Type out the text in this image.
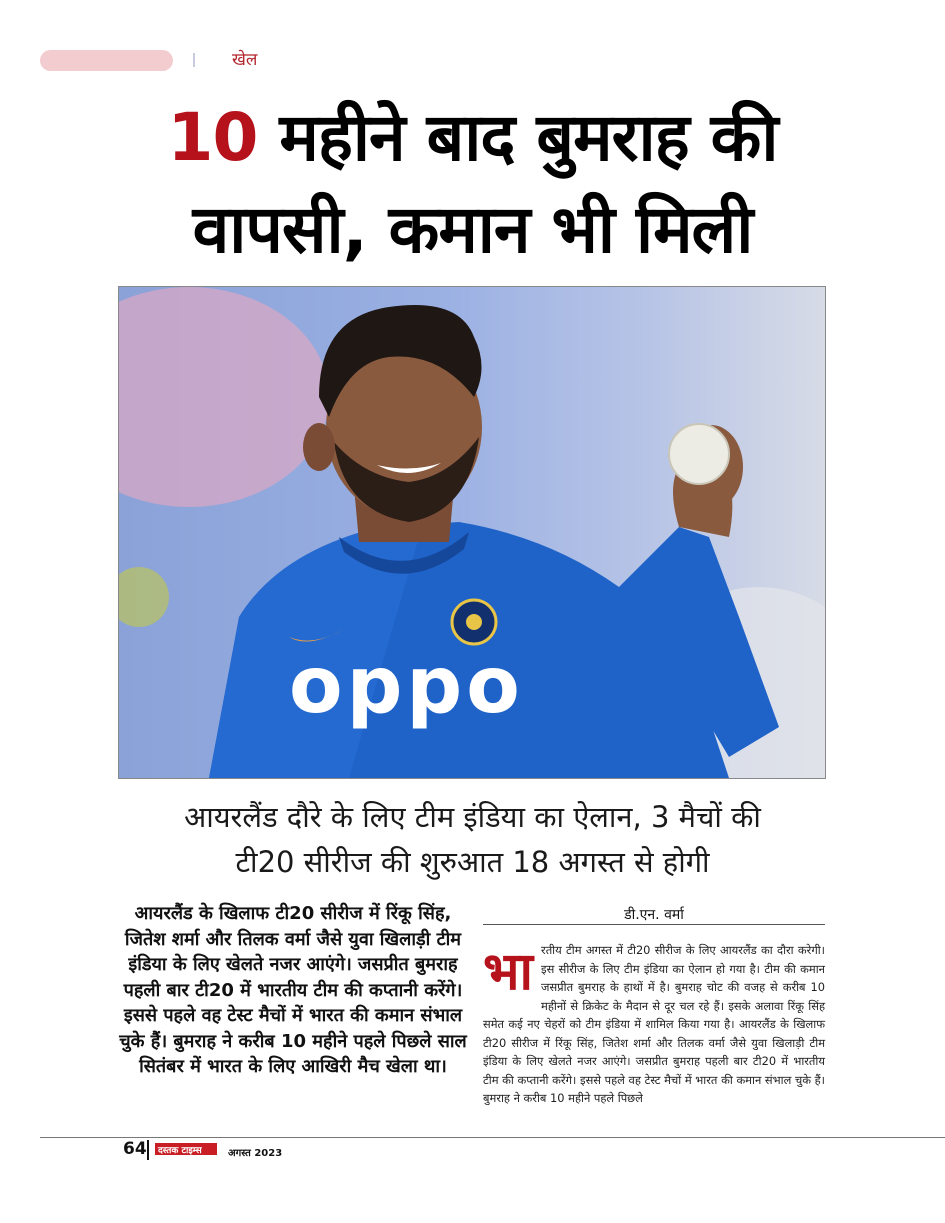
खेल
10 महीने बाद बुमराह की
वापसी, कमान भी मिली
oppo
आयरलैंड दौरे के लिए टीम इंडिया का ऐलान, 3 मैचों की
टी20 सीरीज की शुरुआत 18 अगस्त से होगी
आयरलैंड के खिलाफ टी20 सीरीज में रिंकू सिंह, जितेश शर्मा और तिलक वर्मा जैसे युवा खिलाड़ी टीम इंडिया के लिए खेलते नजर आएंगे। जसप्रीत बुमराह पहली बार टी20 में भारतीय टीम की कप्तानी करेंगे। इससे पहले वह टेस्ट मैचों में भारत की कमान संभाल चुके हैं। बुमराह ने करीब 10 महीने पहले पिछले साल सितंबर में भारत के लिए आखिरी मैच खेला था।
डी.एन. वर्मा
भारतीय टीम अगस्त में टी20 सीरीज के लिए आयरलैंड का दौरा करेगी। इस सीरीज के लिए टीम इंडिया का ऐलान हो गया है। टीम की कमान जसप्रीत बुमराह के हाथों में है। बुमराह चोट की वजह से करीब 10 महीनों से क्रिकेट के मैदान से दूर चल रहे हैं। इसके अलावा रिंकू सिंह समेत कई नए चेहरों को टीम इंडिया में शामिल किया गया है। आयरलैंड के खिलाफ टी20 सीरीज में रिंकू सिंह, जितेश शर्मा और तिलक वर्मा जैसे युवा खिलाड़ी टीम इंडिया के लिए खेलते नजर आएंगे। जसप्रीत बुमराह पहली बार टी20 में भारतीय टीम की कप्तानी करेंगे। इससे पहले वह टेस्ट मैचों में भारत की कमान संभाल चुके हैं। बुमराह ने करीब 10 महीने पहले पिछले
64 दस्तक टाइम्स	अगस्त 2023
